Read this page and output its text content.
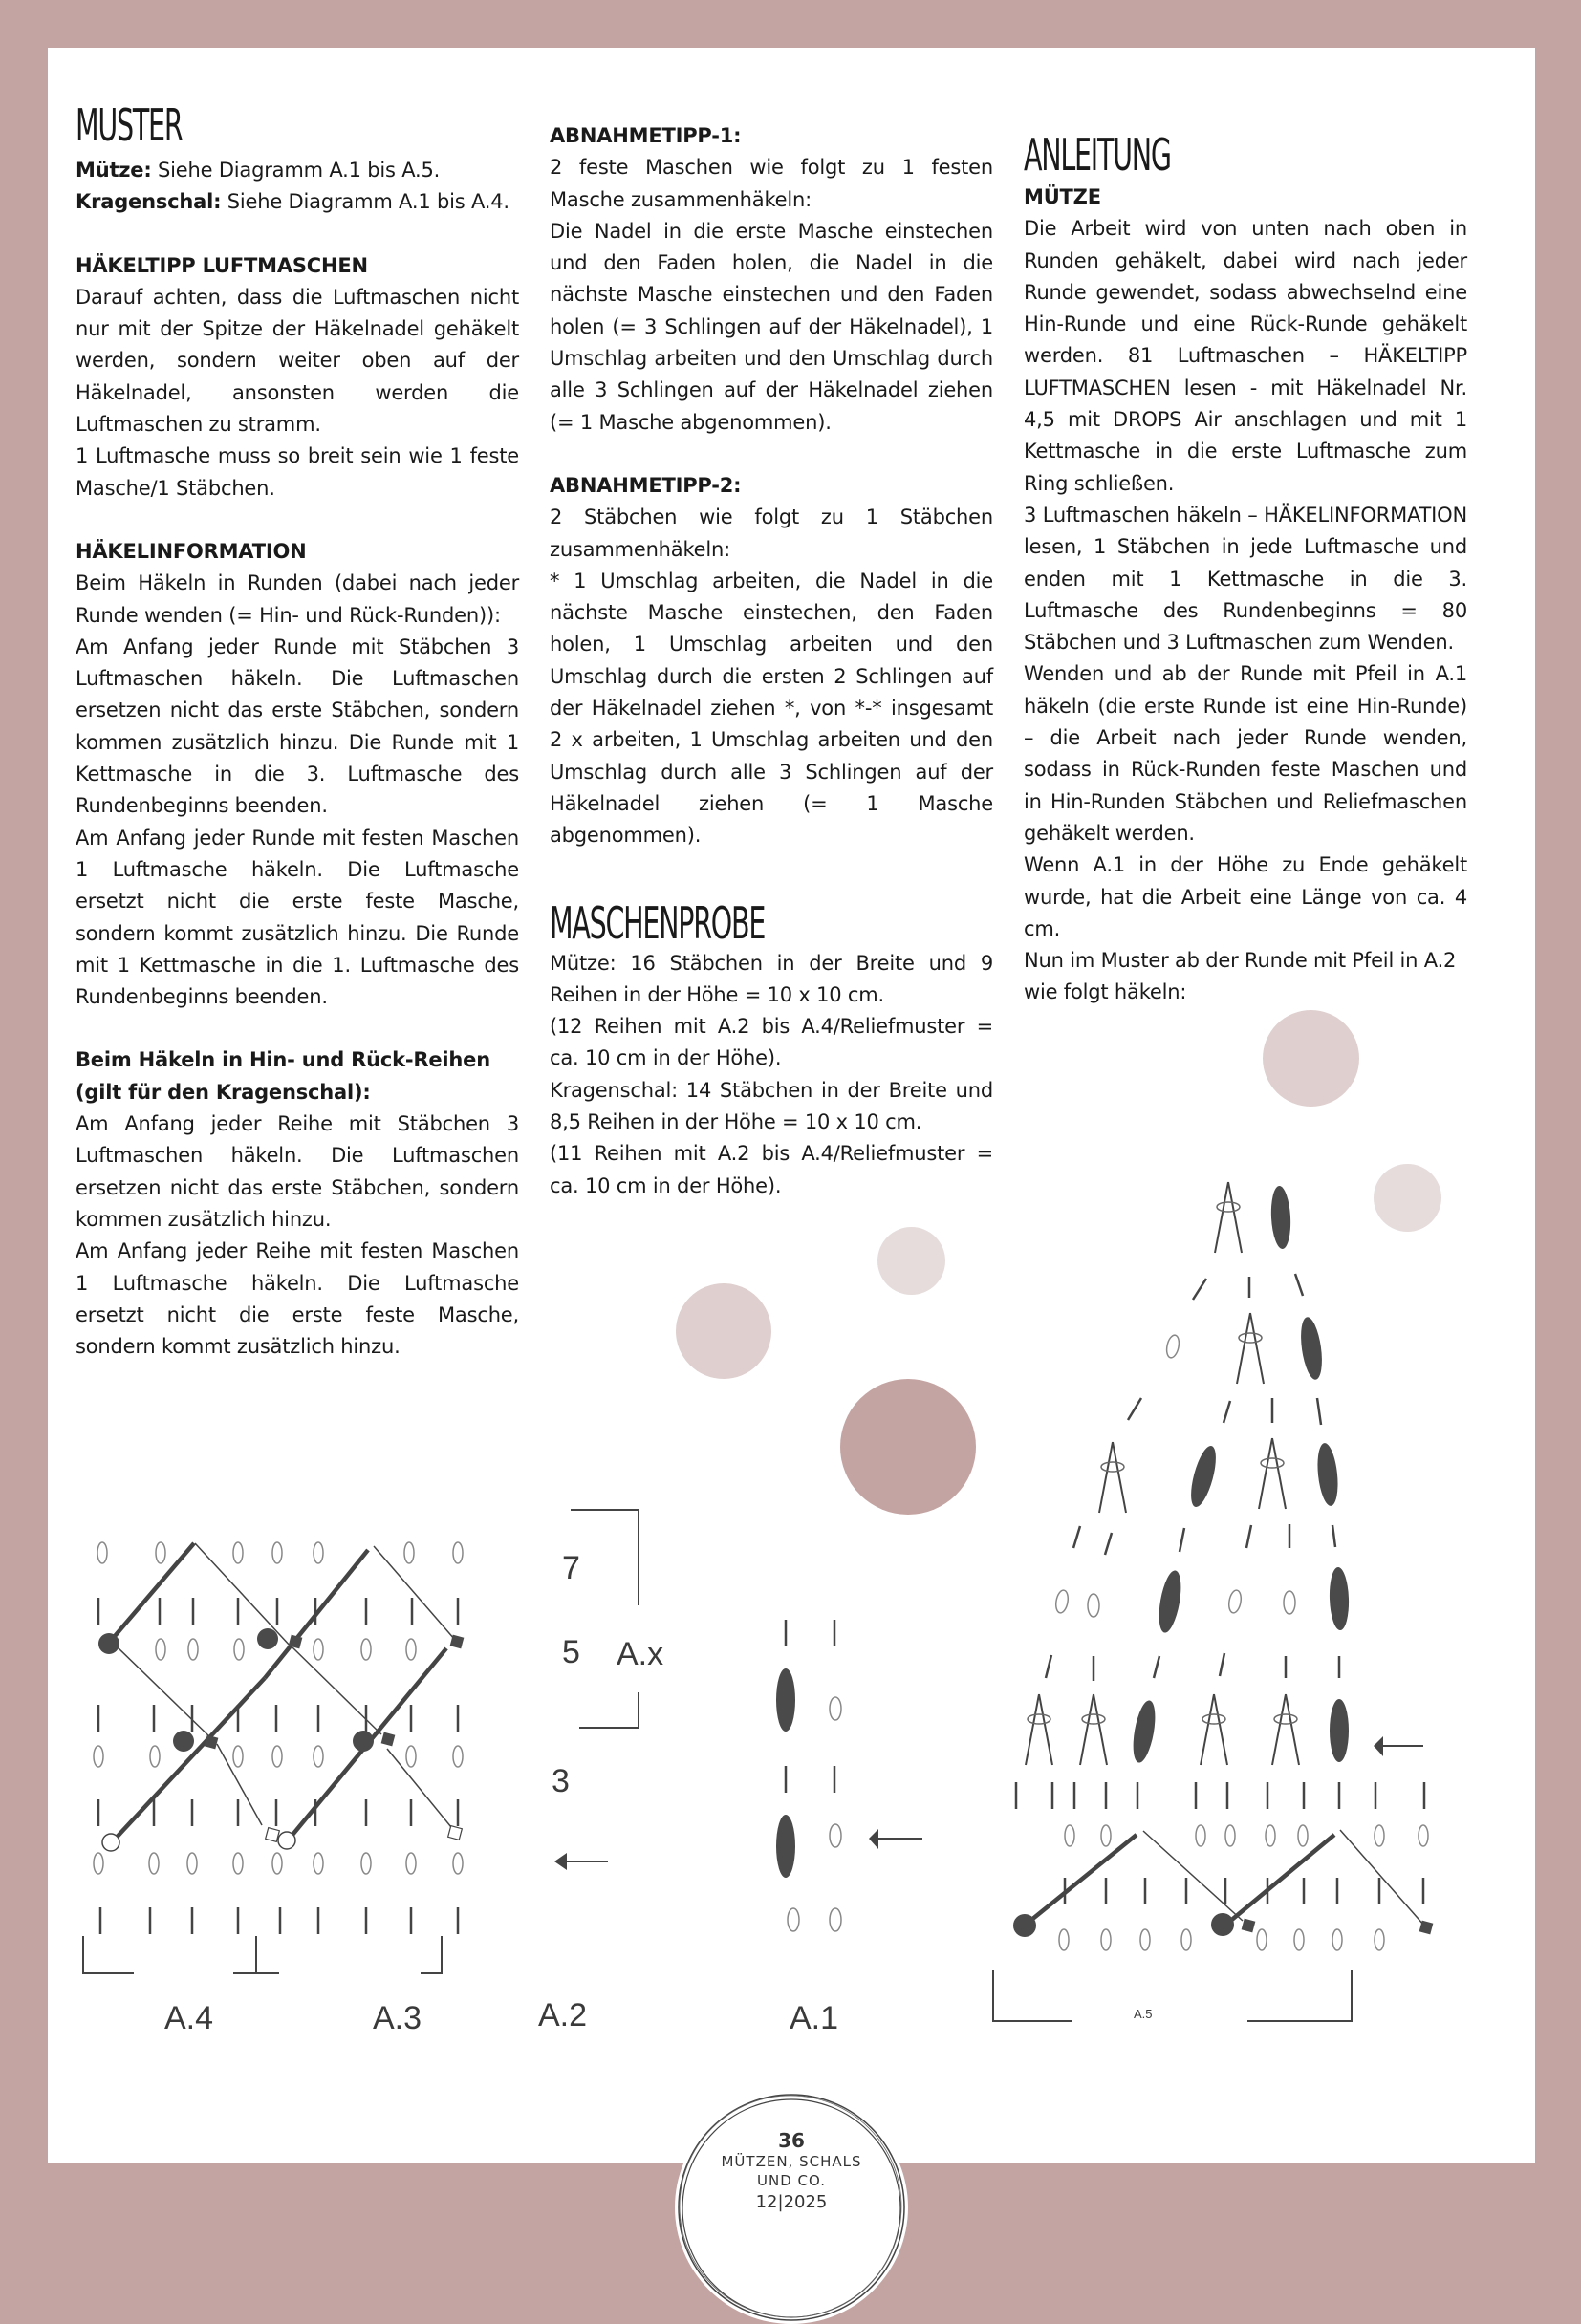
MUSTER

Mütze: Siehe Diagramm A.1 bis A.5.

Kragenschal: Siehe Diagramm A.1 bis A.4.

HÄKELTIPP LUFTMASCHEN

Darauf achten, dass die Luftmaschen nicht nur mit der Spitze der Häkelnadel gehäkelt werden, sondern weiter oben auf der Häkelnadel, ansonsten werden die Luftmaschen zu stramm.

1 Luftmasche muss so breit sein wie 1 feste Masche/1 Stäbchen.

HÄKELINFORMATION

Beim Häkeln in Runden (dabei nach jeder Runde wenden (= Hin- und Rück-Runden)):

Am Anfang jeder Runde mit Stäbchen 3 Luftmaschen häkeln. Die Luftmaschen ersetzen nicht das erste Stäbchen, sondern kommen zusätzlich hinzu. Die Runde mit 1 Kettmasche in die 3. Luftmasche des Rundenbeginns beenden.

Am Anfang jeder Runde mit festen Maschen 1 Luftmasche häkeln. Die Luftmasche ersetzt nicht die erste feste Masche, sondern kommt zusätzlich hinzu. Die Runde mit 1 Kettmasche in die 1. Luftmasche des Rundenbeginns beenden.

Beim Häkeln in Hin- und Rück-Reihen (gilt für den Kragenschal):

Am Anfang jeder Reihe mit Stäbchen 3 Luftmaschen häkeln. Die Luftmaschen ersetzen nicht das erste Stäbchen, sondern kommen zusätzlich hinzu.

Am Anfang jeder Reihe mit festen Maschen 1 Luftmasche häkeln. Die Luftmasche ersetzt nicht die erste feste Masche, sondern kommt zusätzlich hinzu.

ABNAHMETIPP-1:

2 feste Maschen wie folgt zu 1 festen Masche zusammenhäkeln:

Die Nadel in die erste Masche einstechen und den Faden holen, die Nadel in die nächste Masche einstechen und den Faden holen (= 3 Schlingen auf der Häkelnadel), 1 Umschlag arbeiten und den Umschlag durch alle 3 Schlingen auf der Häkelnadel ziehen (= 1 Masche abgenommen).

ABNAHMETIPP-2:

2 Stäbchen wie folgt zu 1 Stäbchen zusammenhäkeln:

* 1 Umschlag arbeiten, die Nadel in die nächste Masche einstechen, den Faden holen, 1 Umschlag arbeiten und den Umschlag durch die ersten 2 Schlingen auf der Häkelnadel ziehen *, von *-* insgesamt 2 x arbeiten, 1 Umschlag arbeiten und den Umschlag durch alle 3 Schlingen auf der Häkelnadel ziehen (= 1 Masche abgenommen).

MASCHENPROBE

Mütze: 16 Stäbchen in der Breite und 9 Reihen in der Höhe = 10 x 10 cm.

(12 Reihen mit A.2 bis A.4/Reliefmuster = ca. 10 cm in der Höhe).

Kragenschal: 14 Stäbchen in der Breite und 8,5 Reihen in der Höhe = 10 x 10 cm.

(11 Reihen mit A.2 bis A.4/Reliefmuster = ca. 10 cm in der Höhe).

ANLEITUNG

MÜTZE

Die Arbeit wird von unten nach oben in Runden gehäkelt, dabei wird nach jeder Runde gewendet, sodass abwechselnd eine Hin-Runde und eine Rück-Runde gehäkelt werden. 81 Luftmaschen – HÄKELTIPP LUFTMASCHEN lesen - mit Häkelnadel Nr. 4,5 mit DROPS Air anschlagen und mit 1 Kettmasche in die erste Luftmasche zum Ring schließen.

3 Luftmaschen häkeln – HÄKELINFORMATION lesen, 1 Stäbchen in jede Luftmasche und enden mit 1 Kettmasche in die 3. Luftmasche des Rundenbeginns = 80 Stäbchen und 3 Luftmaschen zum Wenden.

Wenden und ab der Runde mit Pfeil in A.1 häkeln (die erste Runde ist eine Hin-Runde) – die Arbeit nach jeder Runde wenden, sodass in Rück-Runden feste Maschen und in Hin-Runden Stäbchen und Reliefmaschen gehäkelt werden.

Wenn A.1 in der Höhe zu Ende gehäkelt wurde, hat die Arbeit eine Länge von ca. 4 cm.

Nun im Muster ab der Runde mit Pfeil in A.2 wie folgt häkeln:

7
5
3
A.x
A.4	A.3	A.2	A.1	A.5
36
MÜTZEN, SCHALS
UND CO.
12|2025
